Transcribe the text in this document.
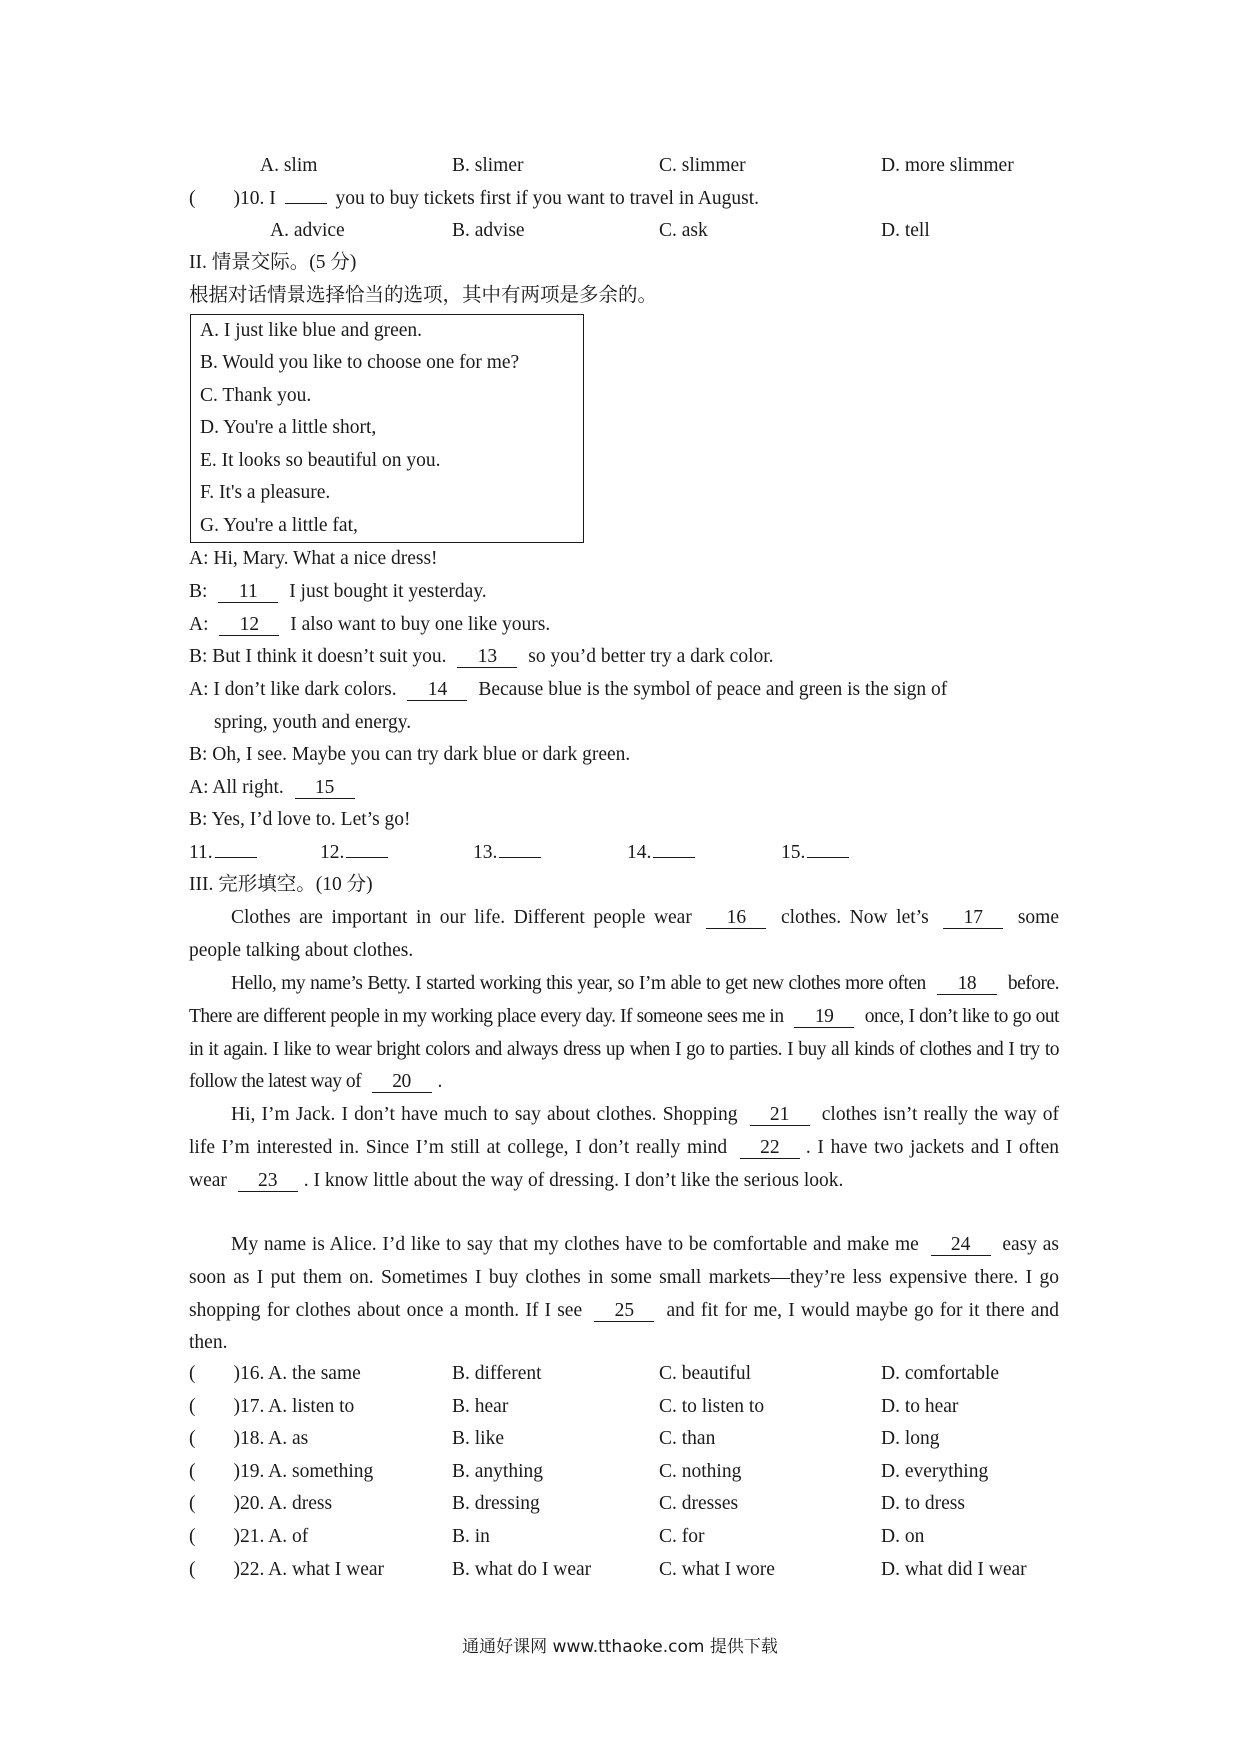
A. slim	B. slimer	C. slimmer	D. more slimmer
( )10. I	you to buy tickets first if you want to travel in August.
A. advice	B. advise	C. ask	D. tell
II. 情景交际。(5 分)
根据对话情景选择恰当的选项，其中有两项是多余的。
A. I just like blue and green.
B. Would you like to choose one for me?
C. Thank you.
D. You're a little short,
E. It looks so beautiful on you.
F. It's a pleasure.
G. You're a little fat,
A: Hi, Mary. What a nice dress!
B: 11 I just bought it yesterday.
A: 12 I also want to buy one like yours.
B: But I think it doesn’t suit you. 13 so you’d better try a dark color.
A: I don’t like dark colors. 14 Because blue is the symbol of peace and green is the sign of
spring, youth and energy.
B: Oh, I see. Maybe you can try dark blue or dark green.
A: All right. 15
B: Yes, I’d love to. Let’s go!
11.	12.	13.	14.	15.
III. 完形填空。(10 分)
Clothes are important in our life. Different people wear 16 clothes. Now let’s 17 some people talking about clothes.
Hello, my name’s Betty. I started working this year, so I’m able to get new clothes more often 18 before. There are different people in my working place every day. If someone sees me in 19 once, I don’t like to go out in it again. I like to wear bright colors and always dress up when I go to parties. I buy all kinds of clothes and I try to follow the latest way of 20 .
Hi, I’m Jack. I don’t have much to say about clothes. Shopping 21 clothes isn’t really the way of life I’m interested in. Since I’m still at college, I don’t really mind 22 . I have two jackets and I often wear 23 . I know little about the way of dressing. I don’t like the serious look.
My name is Alice. I’d like to say that my clothes have to be comfortable and make me 24 easy as soon as I put them on. Sometimes I buy clothes in some small markets—they’re less expensive there. I go shopping for clothes about once a month. If I see 25 and fit for me, I would maybe go for it there and then.
( )16. A. the same	B. different	C. beautiful	D. comfortable
( )17. A. listen to	B. hear	C. to listen to	D. to hear
( )18. A. as	B. like	C. than	D. long
( )19. A. something	B. anything	C. nothing	D. everything
( )20. A. dress	B. dressing	C. dresses	D. to dress
( )21. A. of	B. in	C. for	D. on
( )22. A. what I wear	B. what do I wear	C. what I wore	D. what did I wear
通通好课网 www.tthaoke.com 提供下载
